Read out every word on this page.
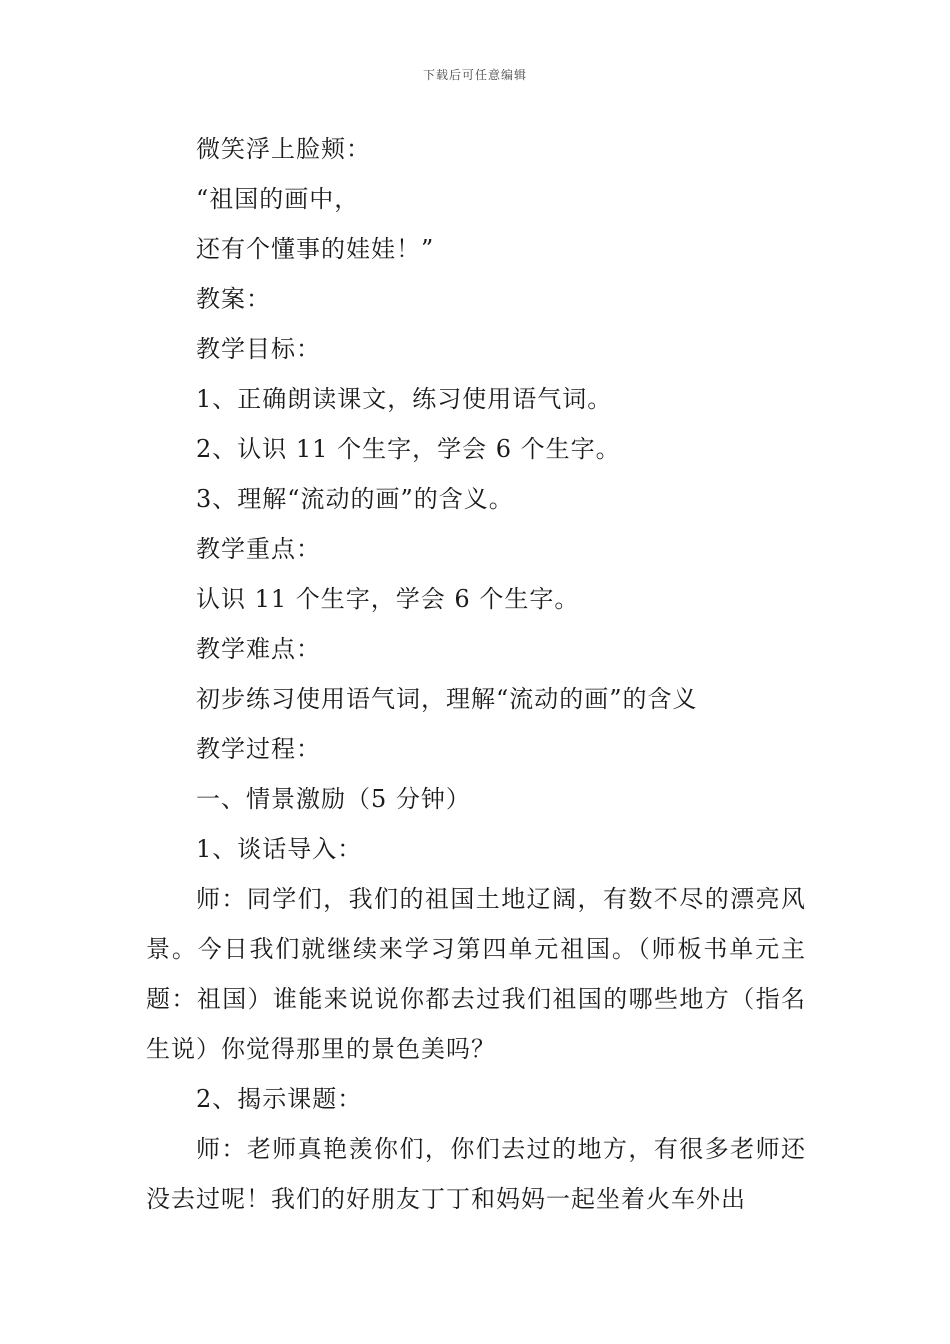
下载后可任意编辑
微笑浮上脸颊：
“祖国的画中，
还有个懂事的娃娃！”
教案：
教学目标：
1、正确朗读课文，练习使用语气词。
2、认识 11 个生字，学会 6 个生字。
3、理解“流动的画”的含义。
教学重点：
认识 11 个生字，学会 6 个生字。
教学难点：
初步练习使用语气词，理解“流动的画”的含义
教学过程：
一、情景激励（5 分钟）
1、谈话导入：
师：同学们，我们的祖国土地辽阔，有数不尽的漂亮风景。今日我们就继续来学习第四单元祖国。（师板书单元主题：祖国）谁能来说说你都去过我们祖国的哪些地方（指名生说）你觉得那里的景色美吗？
2、揭示课题：
师：老师真艳羡你们，你们去过的地方，有很多老师还没去过呢！我们的好朋友丁丁和妈妈一起坐着火车外出
